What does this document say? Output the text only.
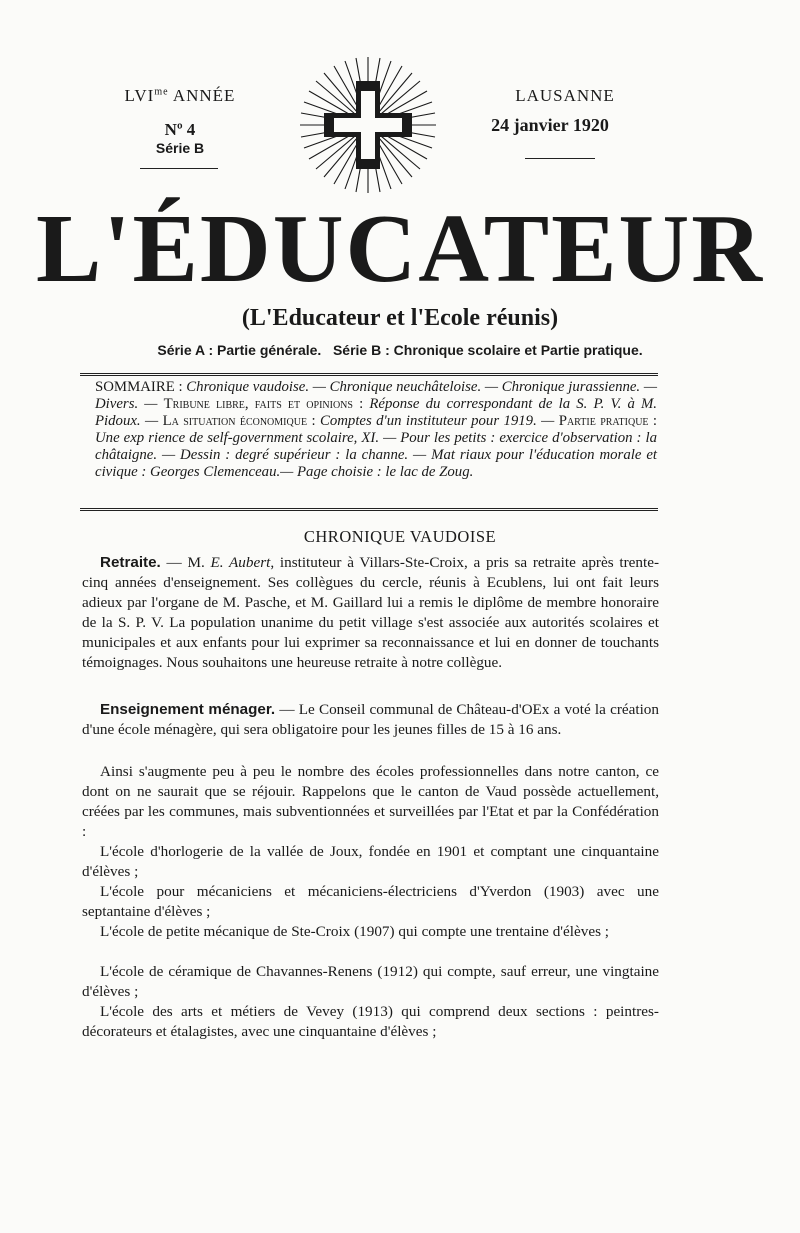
$LVI^{me}$ ANNÉE
Nº 4
Série B
LAUSANNE
24 janvier 1920
L'ÉDUCATEUR
(L'Educateur et l'Ecole réunis)
Série A : Partie générale. Série B : Chronique scolaire et Partie pratique.
SOMMAIRE : Chronique vaudoise. — Chronique neuchâteloise. — Chronique jurassienne. — Divers. — Tribune libre, faits et opinions : Réponse du correspondant de la S. P. V. à M. Pidoux. — La situation économique : Comptes d'un instituteur pour 1919. — Partie pratique : Une exp rience de self-government scolaire, XI. — Pour les petits : exercice d'observation : la châtaigne. — Dessin : degré supérieur : la channe. — Mat riaux pour l'éducation morale et civique : Georges Clemenceau.— Page choisie : le lac de Zoug.
CHRONIQUE VAUDOISE
Retraite. — M. E. Aubert, instituteur à Villars-Ste-Croix, a pris sa retraite après trente-cinq années d'enseignement. Ses collègues du cercle, réunis à Ecublens, lui ont fait leurs adieux par l'organe de M. Pasche, et M. Gaillard lui a remis le diplôme de membre honoraire de la S. P. V. La population unanime du petit village s'est associée aux autorités scolaires et municipales et aux enfants pour lui exprimer sa reconnaissance et lui en donner de touchants témoignages. Nous souhaitons une heureuse retraite à notre collègue.
Enseignement ménager. — Le Conseil communal de Château-d'OEx a voté la création d'une école ménagère, qui sera obligatoire pour les jeunes filles de 15 à 16 ans.
Ainsi s'augmente peu à peu le nombre des écoles professionnelles dans notre canton, ce dont on ne saurait que se réjouir. Rappelons que le canton de Vaud possède actuellement, créées par les communes, mais subventionnées et surveillées par l'Etat et par la Confédération :
L'école d'horlogerie de la vallée de Joux, fondée en 1901 et comptant une cinquantaine d'élèves ;
L'école pour mécaniciens et mécaniciens-électriciens d'Yverdon (1903) avec une septantaine d'élèves ;
L'école de petite mécanique de Ste-Croix (1907) qui compte une trentaine d'élèves ;
L'école de céramique de Chavannes-Renens (1912) qui compte, sauf erreur, une vingtaine d'élèves ;
L'école des arts et métiers de Vevey (1913) qui comprend deux sections : peintres-décorateurs et étalagistes, avec une cinquantaine d'élèves ;
